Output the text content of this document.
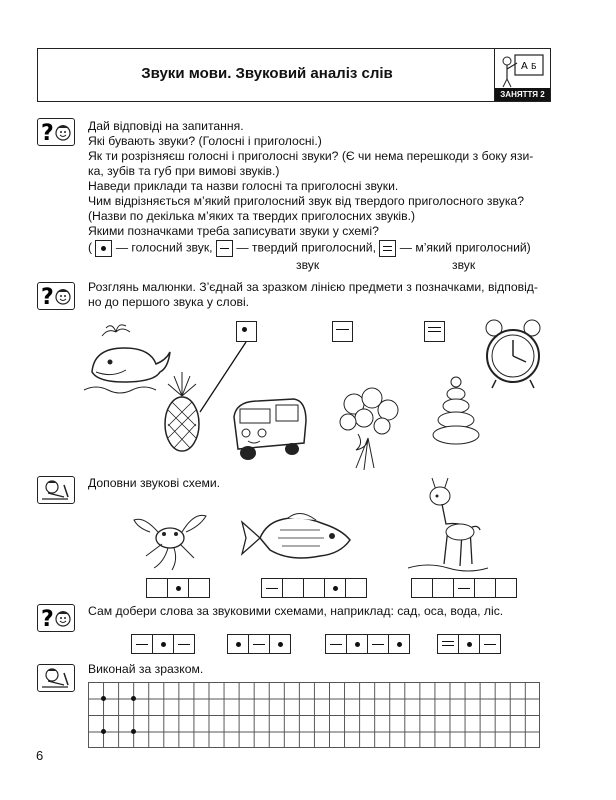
Звуки мови. Звуковий аналіз слів	А Б
ЗАНЯТТЯ 2
?	Дай відповіді на запитання.
Які бувають звуки? (Голосні і приголосні.)
Як ти розрізняєш голосні і приголосні звуки? (Є чи нема перешкоди з боку язи-
ка, зубів та губ при вимові звуків.)
Наведи приклади та назви голосні та приголосні звуки.
Чим відрізняється м’який приголосний звук від твердого приголосного звука?
(Назви по декілька м’яких та твердих приголосних звуків.)
Якими позначками треба записувати звуки у схемі?
( — голосний звук, — твердий приголосний, — м’який приголосний)
звук	звук
?	Розглянь малюнки. З’єднай за зразком лінією предмети з позначками, відповід-
но до першого звука у слові.

Доповни звукові схеми.
?	Сам добери слова за звуковими схемами, наприклад: сад, оса, вода, ліс.
Виконай за зразком.
6
